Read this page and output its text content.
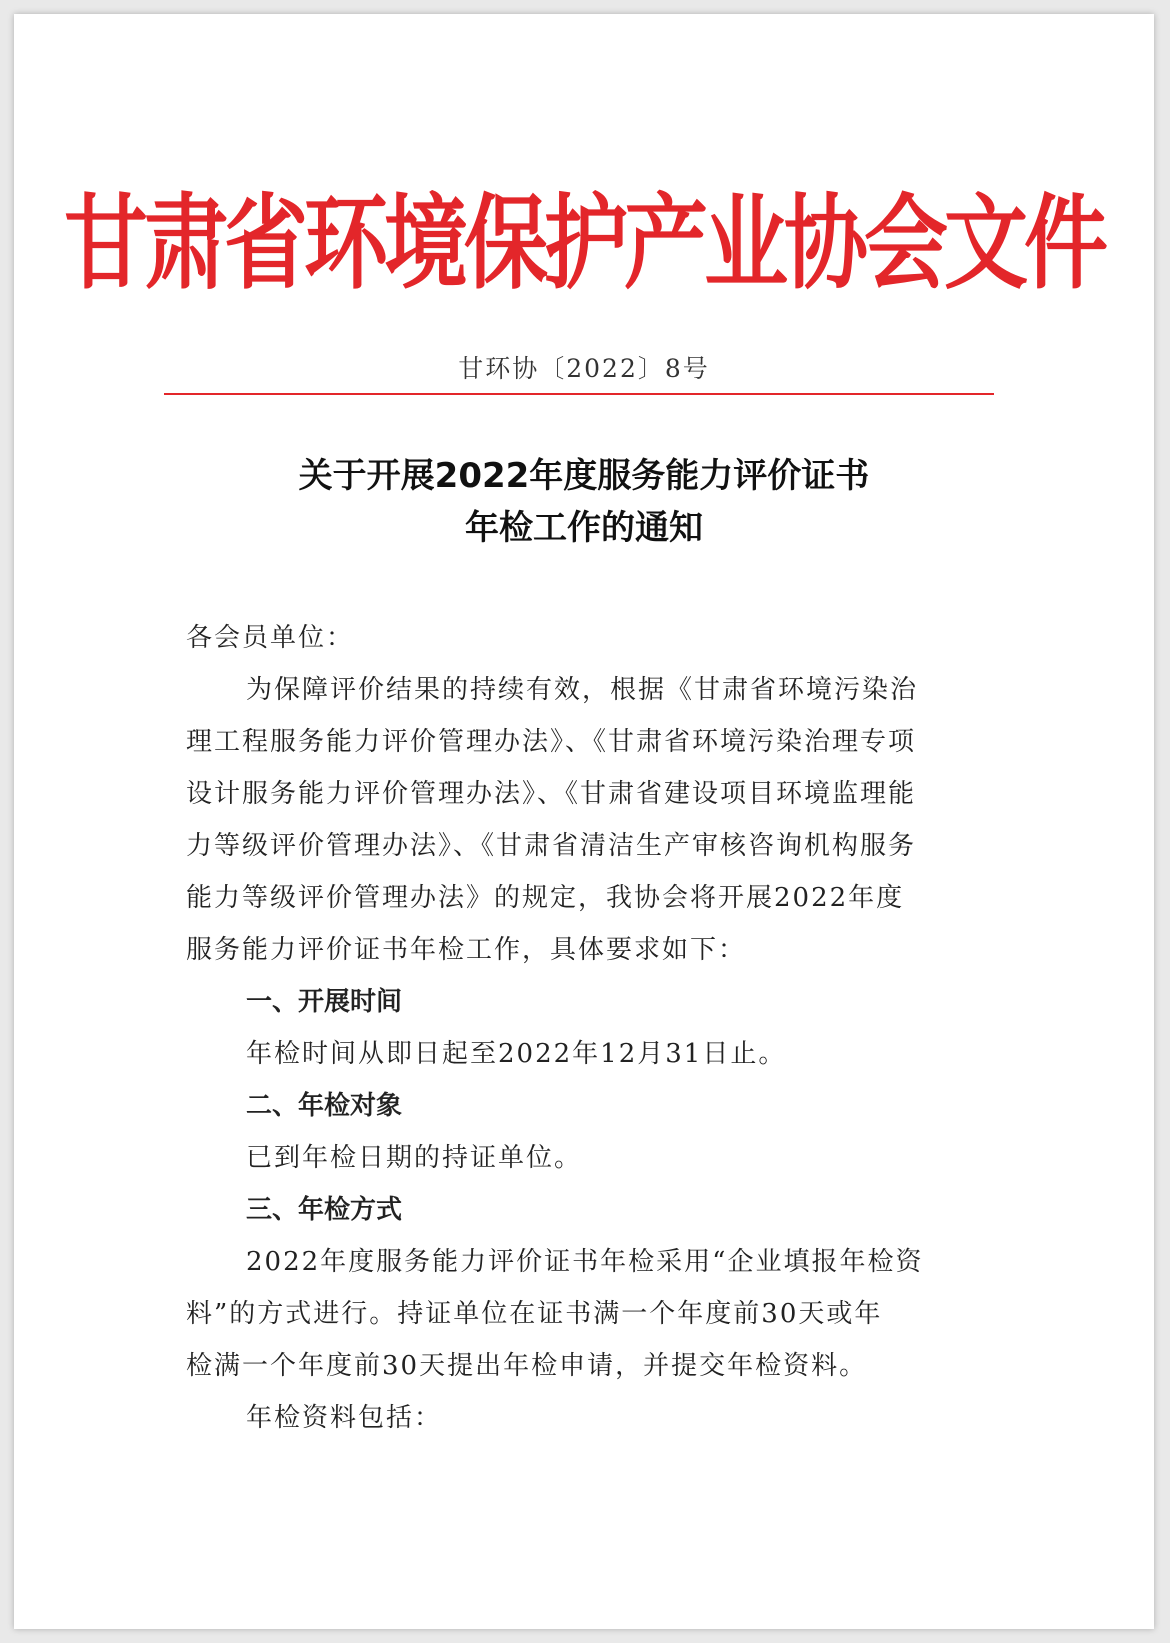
甘肃省环境保护产业协会文件
甘环协〔2022〕8号
关于开展2022年度服务能力评价证书
年检工作的通知
各会员单位：
为保障评价结果的持续有效，根据《甘肃省环境污染治
理工程服务能力评价管理办法》、《甘肃省环境污染治理专项
设计服务能力评价管理办法》、《甘肃省建设项目环境监理能
力等级评价管理办法》、《甘肃省清洁生产审核咨询机构服务
能力等级评价管理办法》的规定，我协会将开展2022年度
服务能力评价证书年检工作，具体要求如下：
一、开展时间
年检时间从即日起至2022年12月31日止。
二、年检对象
已到年检日期的持证单位。
三、年检方式
2022年度服务能力评价证书年检采用“企业填报年检资
料”的方式进行。持证单位在证书满一个年度前30天或年
检满一个年度前30天提出年检申请，并提交年检资料。
年检资料包括：
